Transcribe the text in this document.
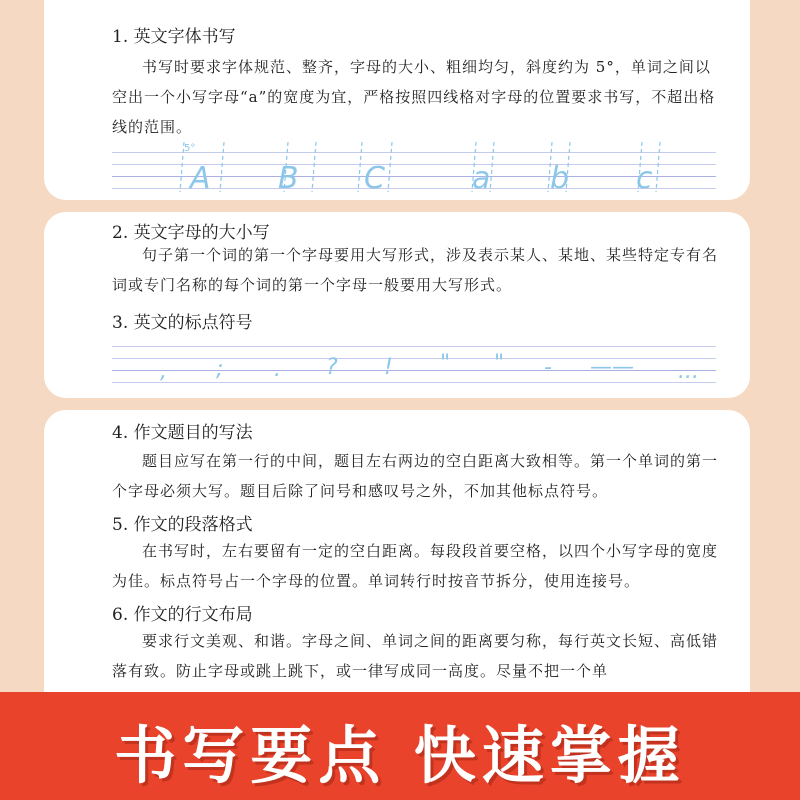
1. 英文字体书写
书写时要求字体规范、整齐，字母的大小、粗细均匀，斜度约为 5°，单词之间以空出一个小写字母“a”的宽度为宜，严格按照四线格对字母的位置要求书写，不超出格线的范围。
5°
A B C	a b c
2. 英文字母的大小写
句子第一个词的第一个字母要用大写形式，涉及表示某人、某地、某些特定专有名词或专门名称的每个词的第一个字母一般要用大写形式。
3. 英文的标点符号
, ; . ? ! " " - —— ...
4. 作文题目的写法
题目应写在第一行的中间，题目左右两边的空白距离大致相等。第一个单词的第一个字母必须大写。题目后除了问号和感叹号之外，不加其他标点符号。
5. 作文的段落格式
在书写时，左右要留有一定的空白距离。每段段首要空格，以四个小写字母的宽度为佳。标点符号占一个字母的位置。单词转行时按音节拆分，使用连接号。
6. 作文的行文布局
要求行文美观、和谐。字母之间、单词之间的距离要匀称，每行英文长短、高低错落有致。防止字母或跳上跳下，或一律写成同一高度。尽量不把一个单
书写要点 快速掌握
